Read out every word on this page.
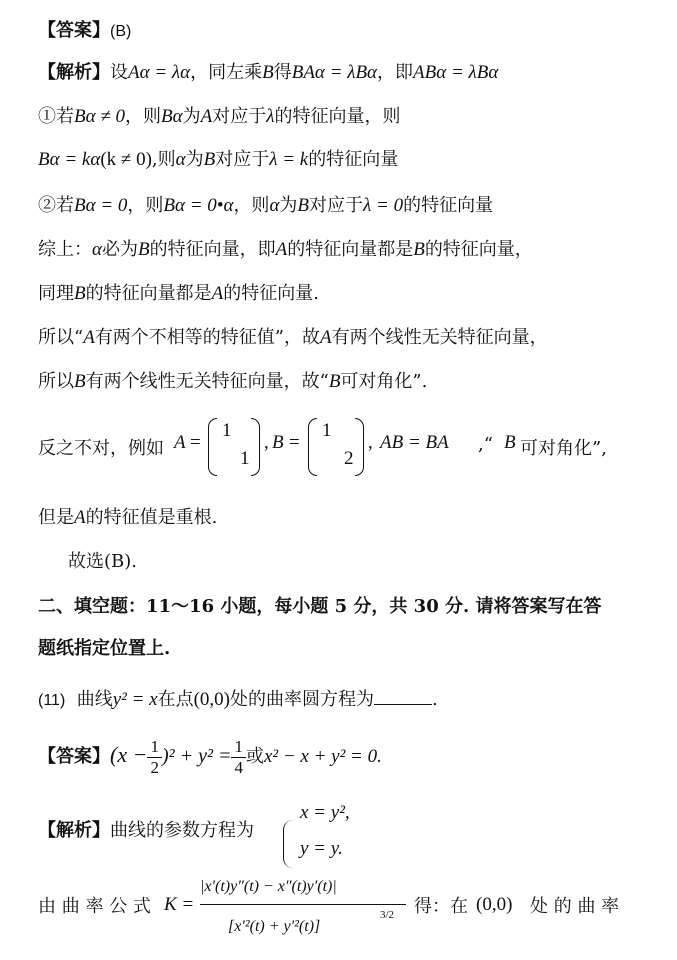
【答案】(B)
【解析】设Aα = λα，同左乘B得BAα = λBα，即ABα = λBα
①若Bα ≠ 0，则Bα为A对应于λ的特征向量，则
Bα = kα(k ≠ 0),则α为B对应于λ = k的特征向量
②若Bα = 0，则Bα = 0•α，则α为B对应于λ = 0的特征向量
综上：α必为B的特征向量，即A的特征向量都是B的特征向量，
同理B的特征向量都是A的特征向量.
所以“A有两个不相等的特征值”，故A有两个线性无关特征向量，
所以B有两个线性无关特征向量，故“B可对角化”.
反之不对，例如 A =
1
1
, B =
1
2
, AB = BA ,“ B 可对角化”,
但是A的特征值是重根.
故选(B).
二、填空题：11～16 小题，每小题 5 分，共 30 分. 请将答案写在答
题纸指定位置上.
(11) 曲线y² = x在点(0,0)处的曲率圆方程为	.
【答案】$(x - \frac{1}{2} )^2 + y^2 = \frac{1}{4}$ 或x² − x + y² = 0.
【解析】曲线的参数方程为
x = y²,
y = y.
由 曲 率 公 式 K =
|x′(t)y″(t) − x″(t)y′(t)|
[x′²(t) + y′²(t)]
3/2 得：在 (0,0) 处 的 曲 率
